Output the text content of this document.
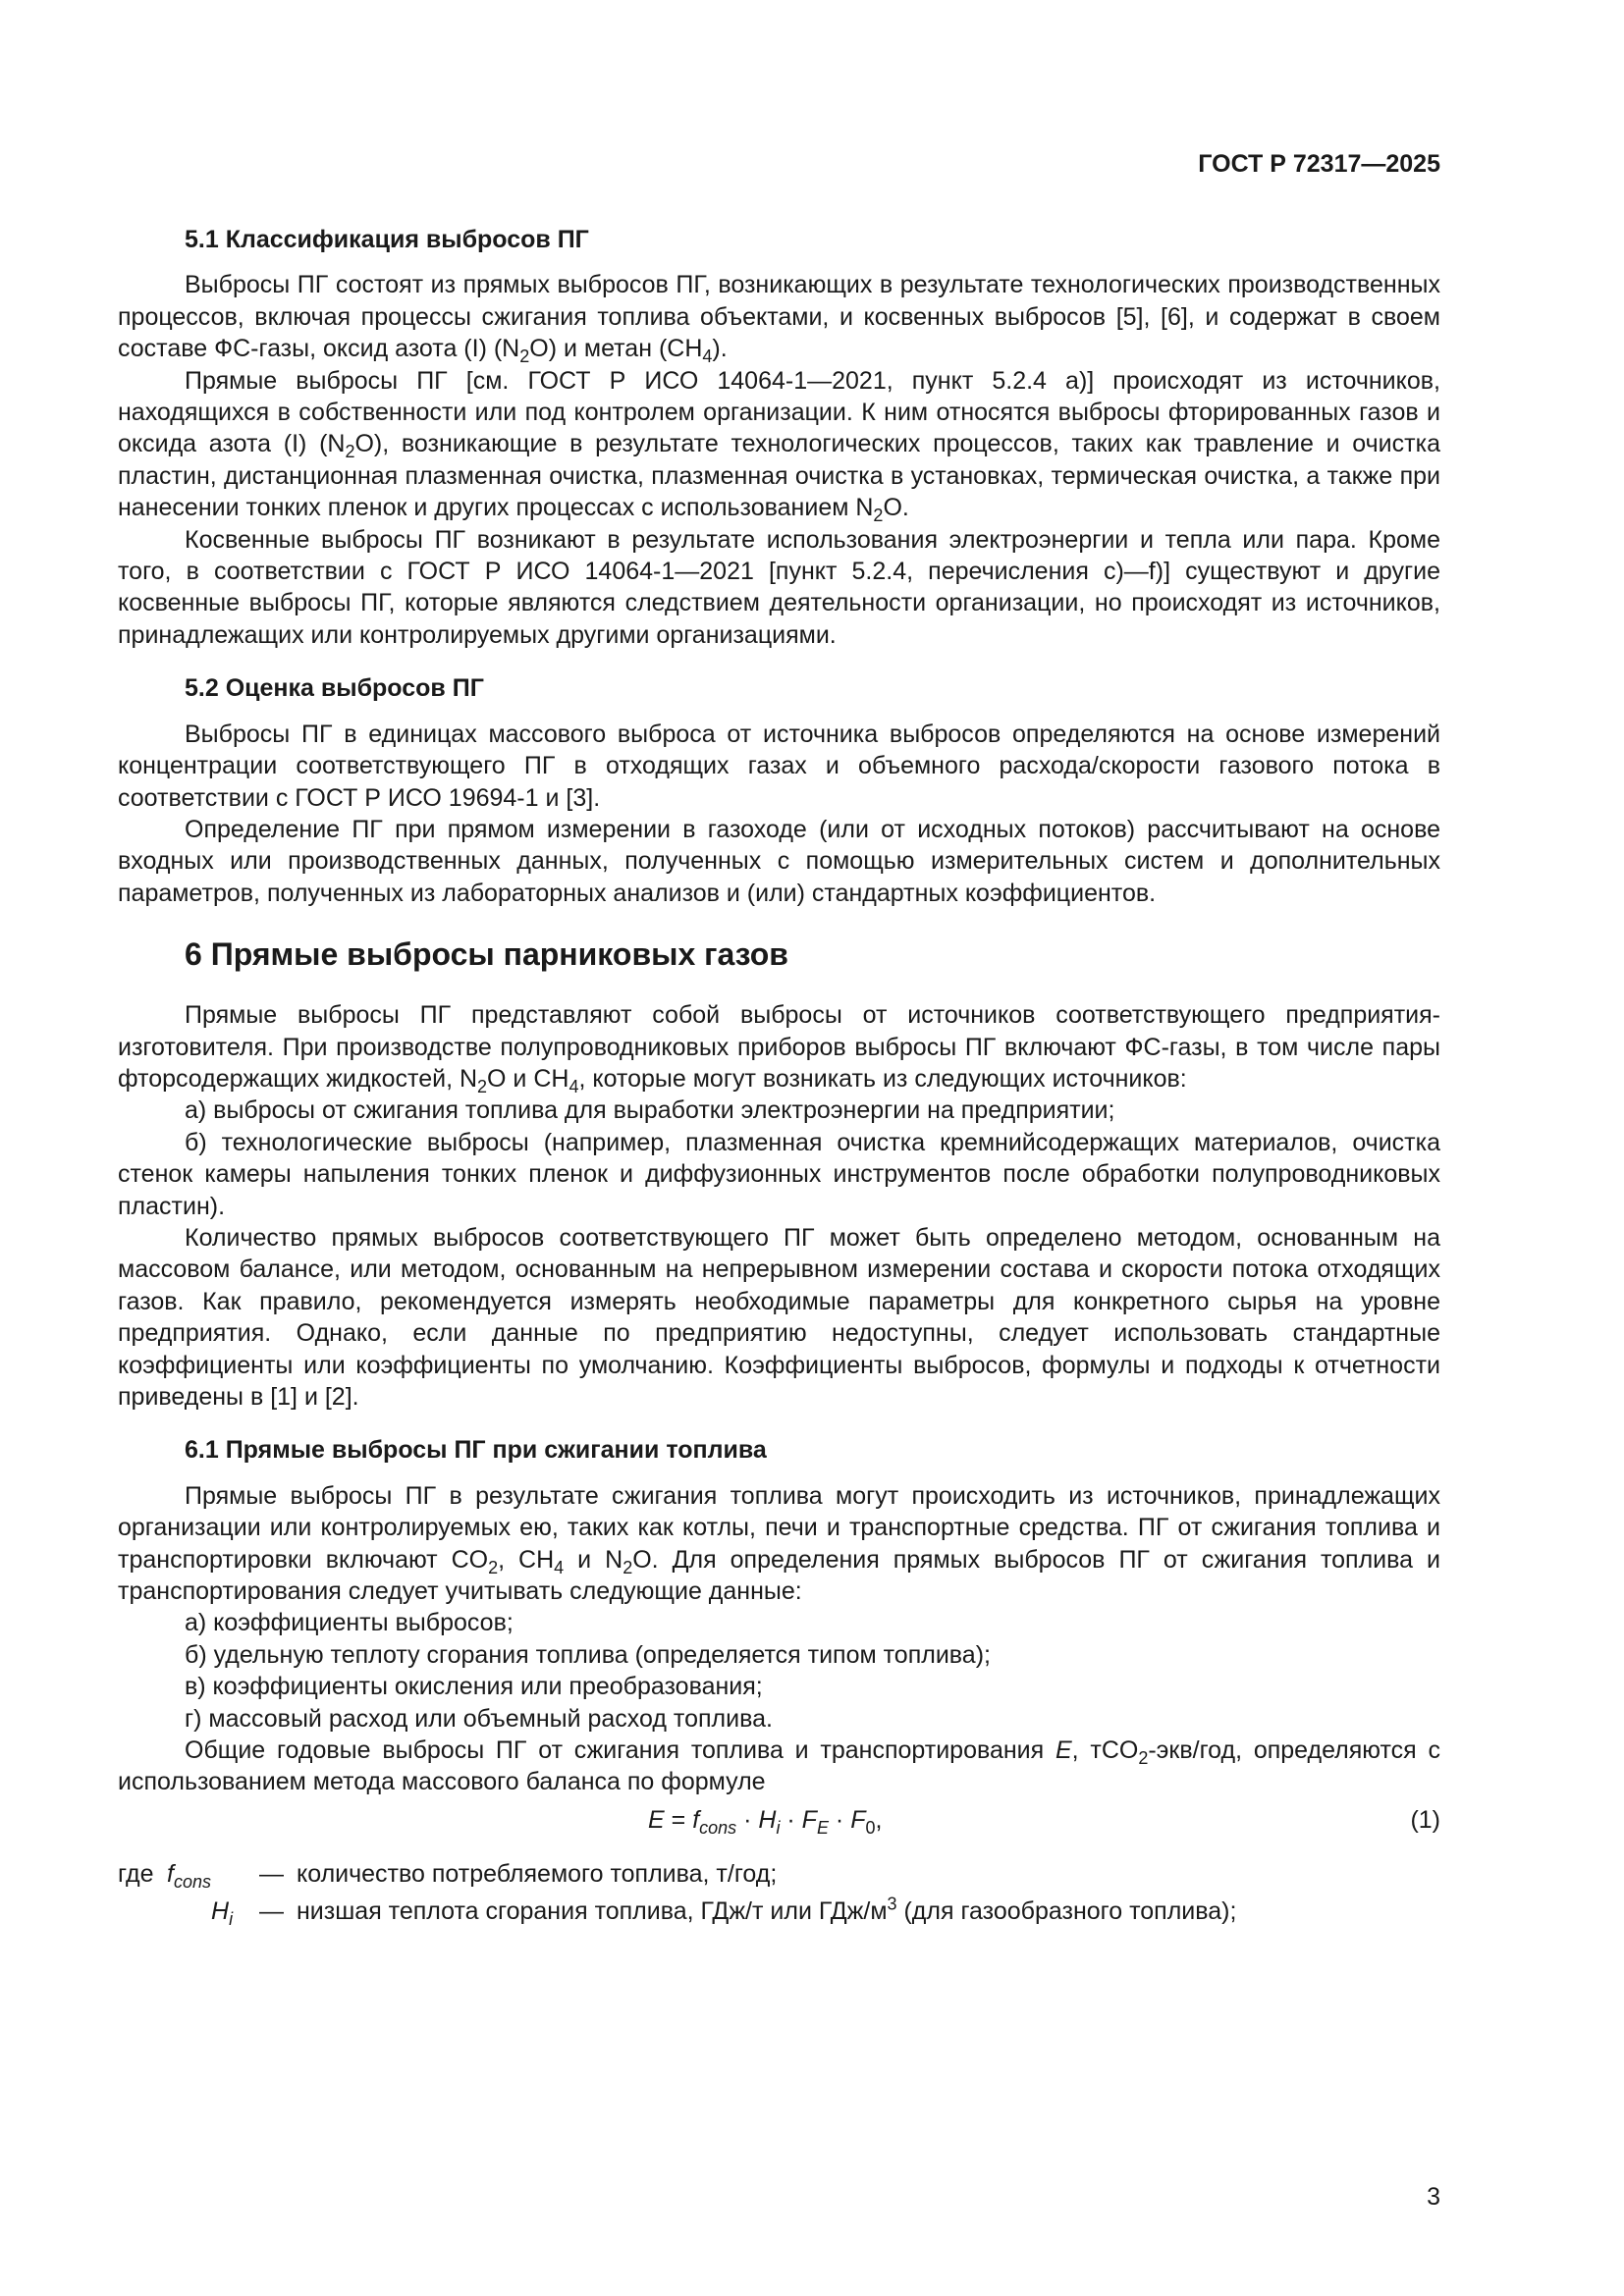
ГОСТ Р 72317—2025
5.1 Классификация выбросов ПГ

Выбросы ПГ состоят из прямых выбросов ПГ, возникающих в результате технологических производственных процессов, включая процессы сжигания топлива объектами, и косвенных выбросов [5], [6], и содержат в своем составе ФС-газы, оксид азота (I) $(N_2O)$ и метан $(CH_4)$.

Прямые выбросы ПГ [см. ГОСТ Р ИСО 14064-1—2021, пункт 5.2.4 а)] происходят из источников, находящихся в собственности или под контролем организации. К ним относятся выбросы фторированных газов и оксида азота (I) $(N_2O)$, возникающие в результате технологических процессов, таких как травление и очистка пластин, дистанционная плазменная очистка, плазменная очистка в установках, термическая очистка, а также при нанесении тонких пленок и других процессах с использованием $N_2O$.

Косвенные выбросы ПГ возникают в результате использования электроэнергии и тепла или пара. Кроме того, в соответствии с ГОСТ Р ИСО 14064-1—2021 [пункт 5.2.4, перечисления c)—f)] существуют и другие косвенные выбросы ПГ, которые являются следствием деятельности организации, но происходят из источников, принадлежащих или контролируемых другими организациями.

5.2 Оценка выбросов ПГ

Выбросы ПГ в единицах массового выброса от источника выбросов определяются на основе измерений концентрации соответствующего ПГ в отходящих газах и объемного расхода/скорости газового потока в соответствии с ГОСТ Р ИСО 19694-1 и [3].

Определение ПГ при прямом измерении в газоходе (или от исходных потоков) рассчитывают на основе входных или производственных данных, полученных с помощью измерительных систем и дополнительных параметров, полученных из лабораторных анализов и (или) стандартных коэффициентов.

6 Прямые выбросы парниковых газов

Прямые выбросы ПГ представляют собой выбросы от источников соответствующего предприятия-изготовителя. При производстве полупроводниковых приборов выбросы ПГ включают ФС-газы, в том числе пары фторсодержащих жидкостей, $N_2O$ и $CH_4$, которые могут возникать из следующих источников:

а) выбросы от сжигания топлива для выработки электроэнергии на предприятии;

б) технологические выбросы (например, плазменная очистка кремнийсодержащих материалов, очистка стенок камеры напыления тонких пленок и диффузионных инструментов после обработки полупроводниковых пластин).

Количество прямых выбросов соответствующего ПГ может быть определено методом, основанным на массовом балансе, или методом, основанным на непрерывном измерении состава и скорости потока отходящих газов. Как правило, рекомендуется измерять необходимые параметры для конкретного сырья на уровне предприятия. Однако, если данные по предприятию недоступны, следует использовать стандартные коэффициенты или коэффициенты по умолчанию. Коэффициенты выбросов, формулы и подходы к отчетности приведены в [1] и [2].

6.1 Прямые выбросы ПГ при сжигании топлива

Прямые выбросы ПГ в результате сжигания топлива могут происходить из источников, принадлежащих организации или контролируемых ею, таких как котлы, печи и транспортные средства. ПГ от сжигания топлива и транспортировки включают $CO_2$, $CH_4$ и $N_2O$. Для определения прямых выбросов ПГ от сжигания топлива и транспортирования следует учитывать следующие данные:

а) коэффициенты выбросов;

б) удельную теплоту сгорания топлива (определяется типом топлива);

в) коэффициенты окисления или преобразования;

г) массовый расход или объемный расход топлива.

Общие годовые выбросы ПГ от сжигания топлива и транспортирования E, тCO$_2$-экв/год, определяются с использованием метода массового баланса по формуле

$E = f_{cons} \cdot H_i \cdot F_E \cdot F_0$,	(1)
где $f_{cons}$ — количество потребляемого топлива, т/год;
$H_i$ — низшая теплота сгорания топлива, ГДж/т или ГДж/$м^3$ (для газообразного топлива);
3
